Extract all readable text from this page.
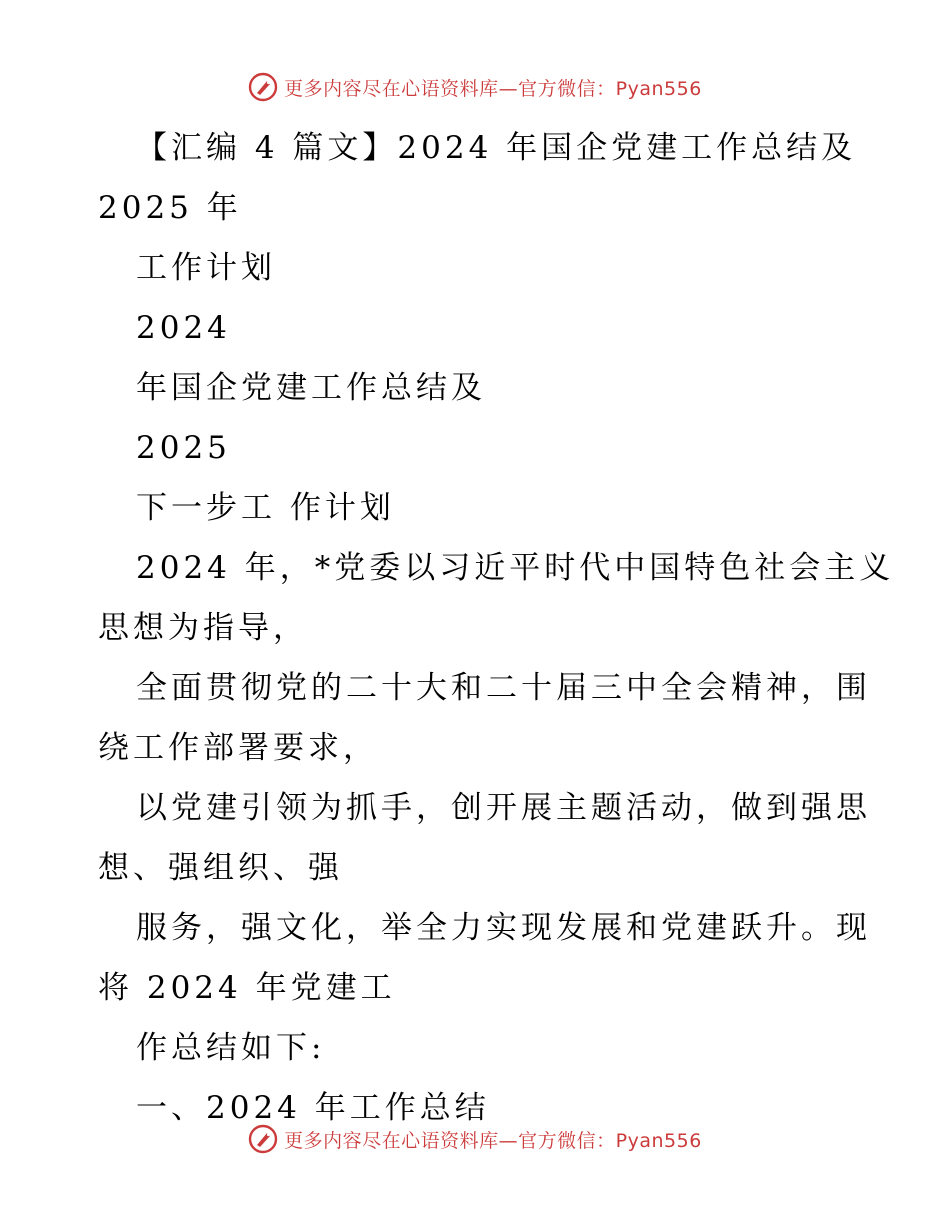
更多内容尽在心语资料库—官方微信：Pyan556
【汇编 4 篇文】2024 年国企党建工作总结及
2025 年
工作计划
2024
年国企党建工作总结及
2025
下一步工 作计划
2024 年，*党委以习近平时代中国特色社会主义
思想为指导，
全面贯彻党的二十大和二十届三中全会精神，围
绕工作部署要求，
以党建引领为抓手，创开展主题活动，做到强思
想、强组织、强
服务，强文化，举全力实现发展和党建跃升。现
将 2024 年党建工
作总结如下:
一、2024 年工作总结
更多内容尽在心语资料库—官方微信：Pyan556
